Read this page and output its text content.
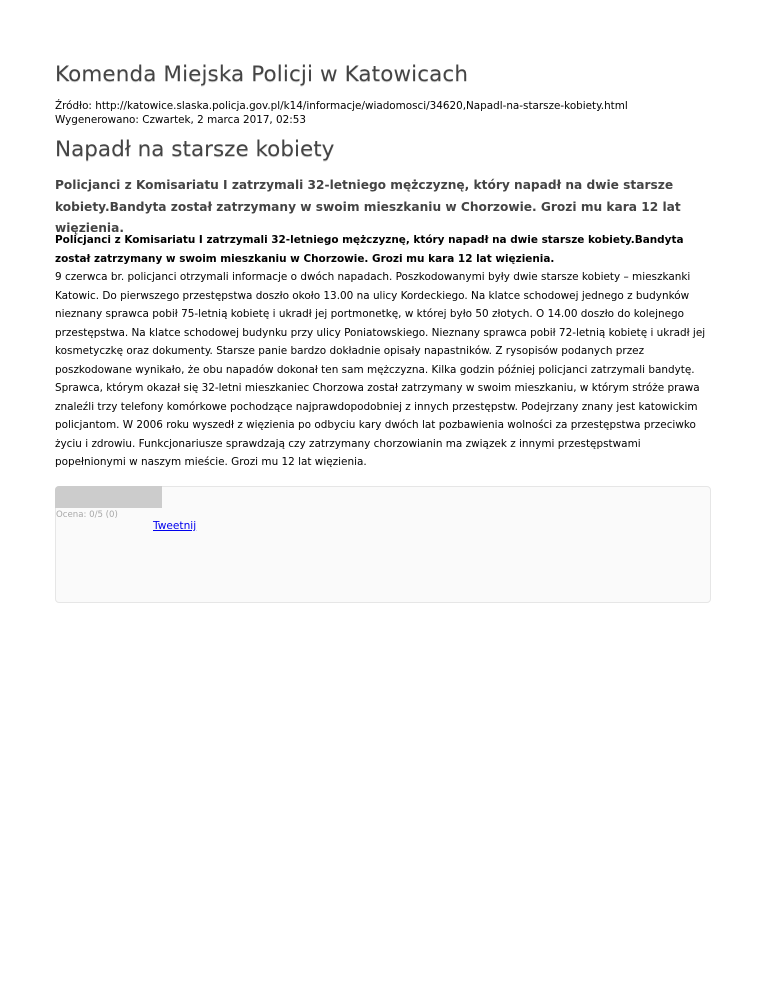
Komenda Miejska Policji w Katowicach
Źródło: http://katowice.slaska.policja.gov.pl/k14/informacje/wiadomosci/34620,Napadl-na-starsze-kobiety.html
Wygenerowano: Czwartek, 2 marca 2017, 02:53
Napadł na starsze kobiety

Policjanci z Komisariatu I zatrzymali 32-letniego mężczyznę, który napadł na dwie starsze kobiety.Bandyta został zatrzymany w swoim mieszkaniu w Chorzowie. Grozi mu kara 12 lat więzienia.

Policjanci z Komisariatu I zatrzymali 32-letniego mężczyznę, który napadł na dwie starsze kobiety.Bandyta został zatrzymany w swoim mieszkaniu w Chorzowie. Grozi mu kara 12 lat więzienia.
9 czerwca br. policjanci otrzymali informacje o dwóch napadach. Poszkodowanymi były dwie starsze kobiety – mieszkanki Katowic. Do pierwszego przestępstwa doszło około 13.00 na ulicy Kordeckiego. Na klatce schodowej jednego z budynków nieznany sprawca pobił 75-letnią kobietę i ukradł jej portmonetkę, w której było 50 złotych. O 14.00 doszło do kolejnego przestępstwa. Na klatce schodowej budynku przy ulicy Poniatowskiego. Nieznany sprawca pobił 72-letnią kobietę i ukradł jej kosmetyczkę oraz dokumenty. Starsze panie bardzo dokładnie opisały napastników. Z rysopisów podanych przez poszkodowane wynikało, że obu napadów dokonał ten sam mężczyzna. Kilka godzin później policjanci zatrzymali bandytę. Sprawca, którym okazał się 32-letni mieszkaniec Chorzowa został zatrzymany w swoim mieszkaniu, w którym stróże prawa znaleźli trzy telefony komórkowe pochodzące najprawdopodobniej z innych przestępstw. Podejrzany znany jest katowickim policjantom. W 2006 roku wyszedł z więzienia po odbyciu kary dwóch lat pozbawienia wolności za przestępstwa przeciwko życiu i zdrowiu. Funkcjonariusze sprawdzają czy zatrzymany chorzowianin ma związek z innymi przestępstwami popełnionymi w naszym mieście. Grozi mu 12 lat więzienia.
Ocena: 0/5 (0)
Tweetnij
